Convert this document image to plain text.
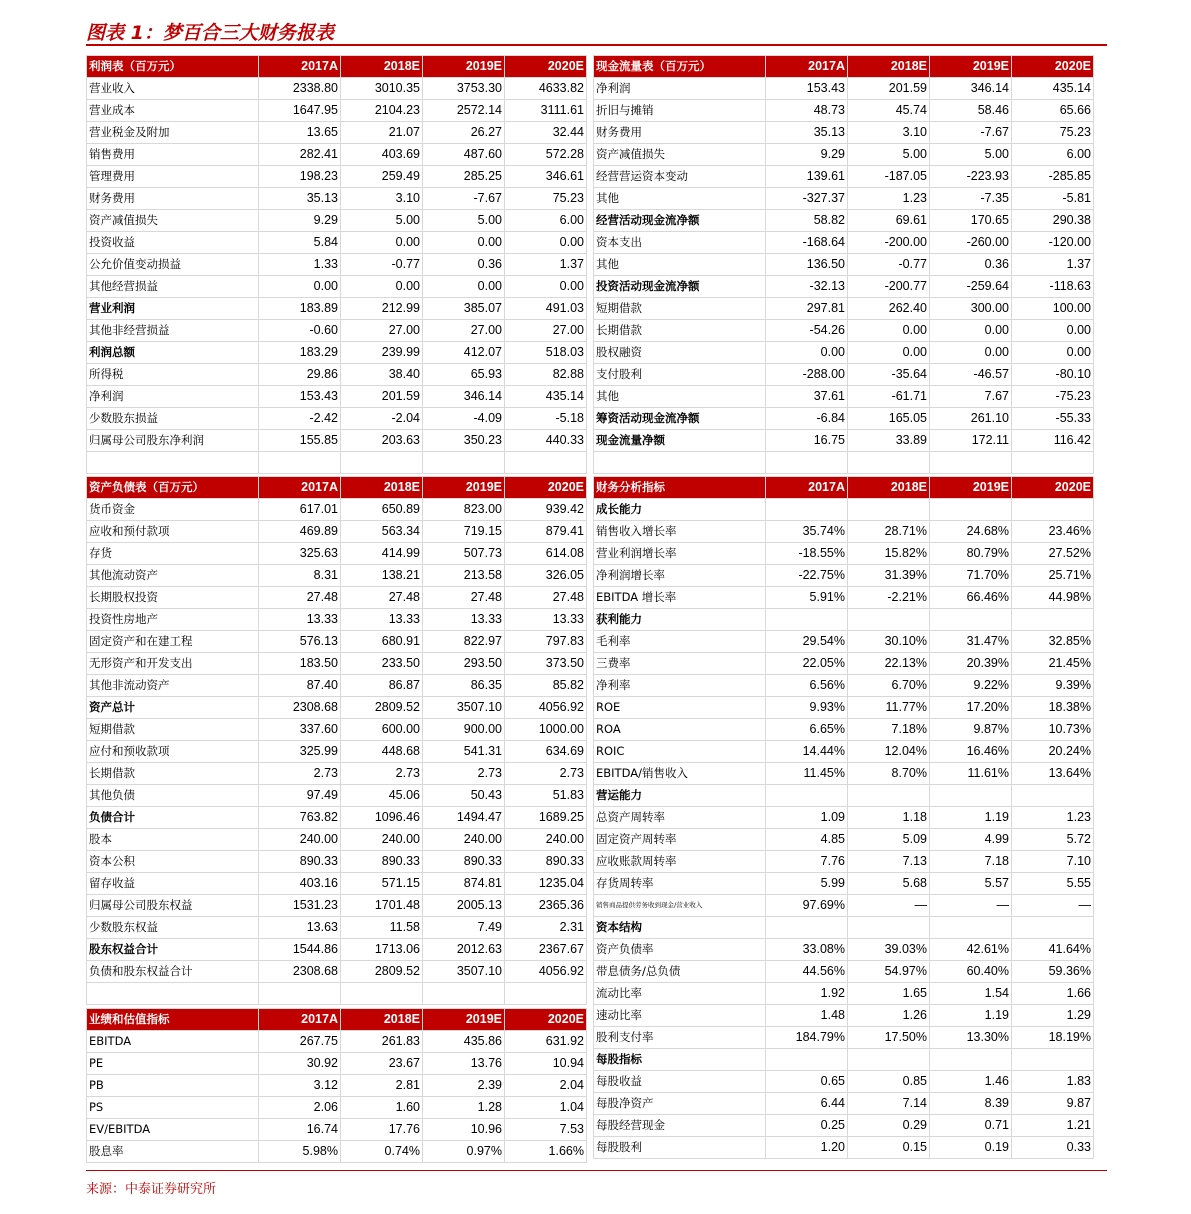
图表 1：梦百合三大财务报表
利润表（百万元）	2017A	2018E	2019E	2020E
营业收入	2338.80	3010.35	3753.30	4633.82
营业成本	1647.95	2104.23	2572.14	3111.61
营业税金及附加	13.65	21.07	26.27	32.44
销售费用	282.41	403.69	487.60	572.28
管理费用	198.23	259.49	285.25	346.61
财务费用	35.13	3.10	-7.67	75.23
资产减值损失	9.29	5.00	5.00	6.00
投资收益	5.84	0.00	0.00	0.00
公允价值变动损益	1.33	-0.77	0.36	1.37
其他经营损益	0.00	0.00	0.00	0.00
营业利润	183.89	212.99	385.07	491.03
其他非经营损益	-0.60	27.00	27.00	27.00
利润总额	183.29	239.99	412.07	518.03
所得税	29.86	38.40	65.93	82.88
净利润	153.43	201.59	346.14	435.14
少数股东损益	-2.42	-2.04	-4.09	-5.18
归属母公司股东净利润	155.85	203.63	350.23	440.33

现金流量表（百万元）	2017A	2018E	2019E	2020E
净利润	153.43	201.59	346.14	435.14
折旧与摊销	48.73	45.74	58.46	65.66
财务费用	35.13	3.10	-7.67	75.23
资产减值损失	9.29	5.00	5.00	6.00
经营营运资本变动	139.61	-187.05	-223.93	-285.85
其他	-327.37	1.23	-7.35	-5.81
经营活动现金流净额	58.82	69.61	170.65	290.38
资本支出	-168.64	-200.00	-260.00	-120.00
其他	136.50	-0.77	0.36	1.37
投资活动现金流净额	-32.13	-200.77	-259.64	-118.63
短期借款	297.81	262.40	300.00	100.00
长期借款	-54.26	0.00	0.00	0.00
股权融资	0.00	0.00	0.00	0.00
支付股利	-288.00	-35.64	-46.57	-80.10
其他	37.61	-61.71	7.67	-75.23
筹资活动现金流净额	-6.84	165.05	261.10	-55.33
现金流量净额	16.75	33.89	172.11	116.42

资产负债表（百万元）	2017A	2018E	2019E	2020E
货币资金	617.01	650.89	823.00	939.42
应收和预付款项	469.89	563.34	719.15	879.41
存货	325.63	414.99	507.73	614.08
其他流动资产	8.31	138.21	213.58	326.05
长期股权投资	27.48	27.48	27.48	27.48
投资性房地产	13.33	13.33	13.33	13.33
固定资产和在建工程	576.13	680.91	822.97	797.83
无形资产和开发支出	183.50	233.50	293.50	373.50
其他非流动资产	87.40	86.87	86.35	85.82
资产总计	2308.68	2809.52	3507.10	4056.92
短期借款	337.60	600.00	900.00	1000.00
应付和预收款项	325.99	448.68	541.31	634.69
长期借款	2.73	2.73	2.73	2.73
其他负债	97.49	45.06	50.43	51.83
负债合计	763.82	1096.46	1494.47	1689.25
股本	240.00	240.00	240.00	240.00
资本公积	890.33	890.33	890.33	890.33
留存收益	403.16	571.15	874.81	1235.04
归属母公司股东权益	1531.23	1701.48	2005.13	2365.36
少数股东权益	13.63	11.58	7.49	2.31
股东权益合计	1544.86	1713.06	2012.63	2367.67
负债和股东权益合计	2308.68	2809.52	3507.10	4056.92

业绩和估值指标	2017A	2018E	2019E	2020E
EBITDA	267.75	261.83	435.86	631.92
PE	30.92	23.67	13.76	10.94
PB	3.12	2.81	2.39	2.04
PS	2.06	1.60	1.28	1.04
EV/EBITDA	16.74	17.76	10.96	7.53
股息率	5.98%	0.74%	0.97%	1.66%
财务分析指标	2017A	2018E	2019E	2020E
成长能力				
销售收入增长率	35.74%	28.71%	24.68%	23.46%
营业利润增长率	-18.55%	15.82%	80.79%	27.52%
净利润增长率	-22.75%	31.39%	71.70%	25.71%
EBITDA 增长率	5.91%	-2.21%	66.46%	44.98%
获利能力				
毛利率	29.54%	30.10%	31.47%	32.85%
三费率	22.05%	22.13%	20.39%	21.45%
净利率	6.56%	6.70%	9.22%	9.39%
ROE	9.93%	11.77%	17.20%	18.38%
ROA	6.65%	7.18%	9.87%	10.73%
ROIC	14.44%	12.04%	16.46%	20.24%
EBITDA/销售收入	11.45%	8.70%	11.61%	13.64%
营运能力				
总资产周转率	1.09	1.18	1.19	1.23
固定资产周转率	4.85	5.09	4.99	5.72
应收账款周转率	7.76	7.13	7.18	7.10
存货周转率	5.99	5.68	5.57	5.55
销售商品提供劳务收到现金/营业收入	97.69%	—	—	—
资本结构				
资产负债率	33.08%	39.03%	42.61%	41.64%
带息债务/总负债	44.56%	54.97%	60.40%	59.36%
流动比率	1.92	1.65	1.54	1.66
速动比率	1.48	1.26	1.19	1.29
股利支付率	184.79%	17.50%	13.30%	18.19%
每股指标				
每股收益	0.65	0.85	1.46	1.83
每股净资产	6.44	7.14	8.39	9.87
每股经营现金	0.25	0.29	0.71	1.21
每股股利	1.20	0.15	0.19	0.33
来源：中泰证券研究所
